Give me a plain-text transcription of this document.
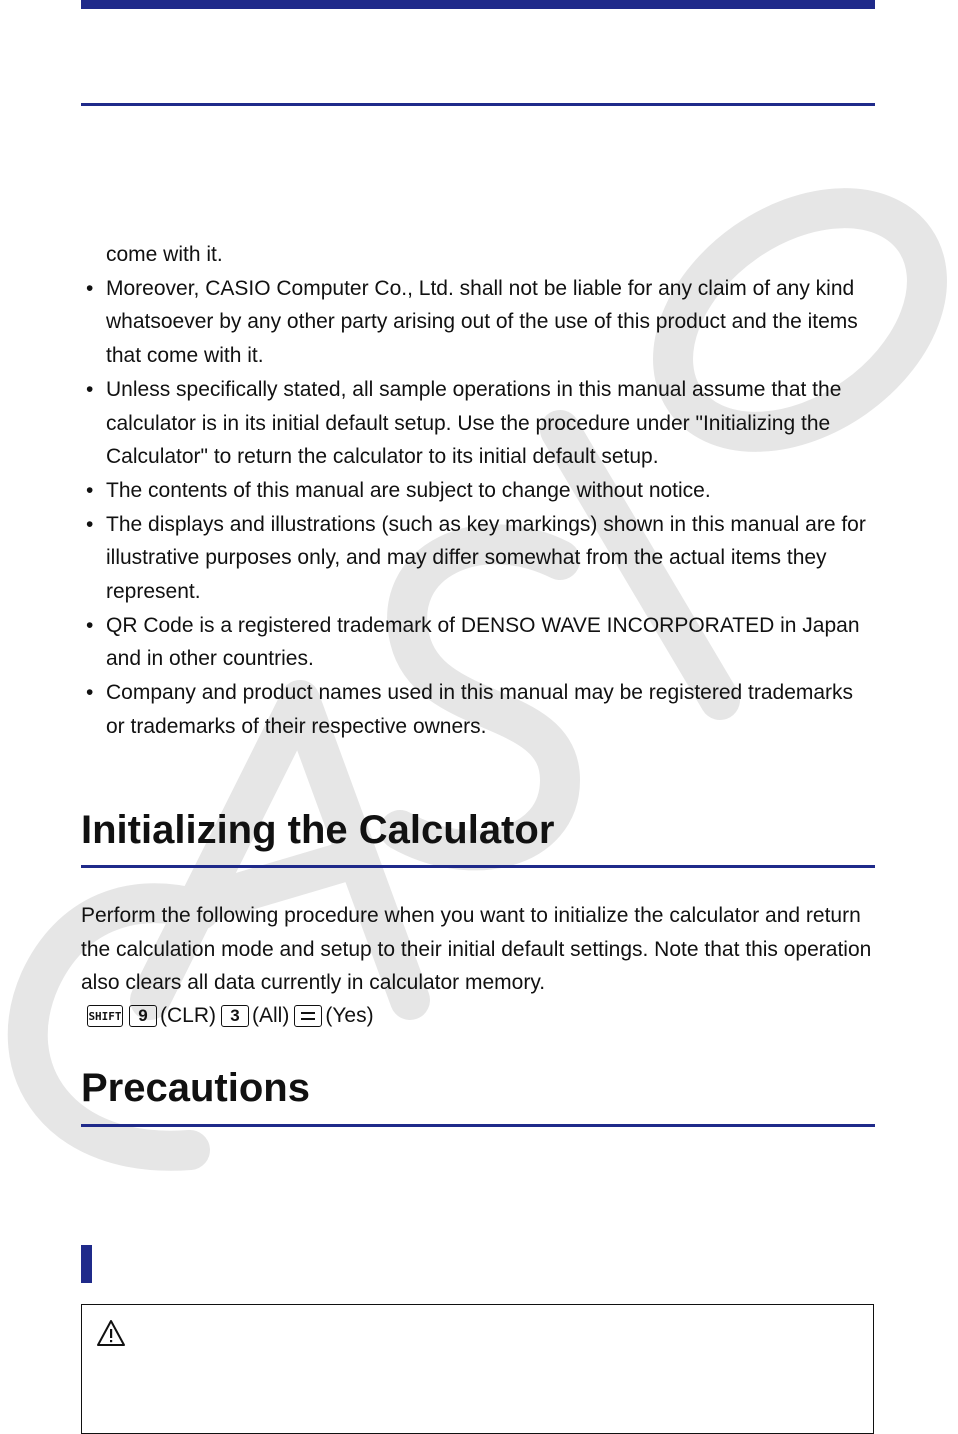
come with it.
• Moreover, CASIO Computer Co., Ltd. shall not be liable for any claim of any kind whatsoever by any other party arising out of the use of this product and the items that come with it.
• Unless specifically stated, all sample operations in this manual assume that the calculator is in its initial default setup. Use the procedure under "Initializing the Calculator" to return the calculator to its initial default setup.
• The contents of this manual are subject to change without notice.
• The displays and illustrations (such as key markings) shown in this manual are for illustrative purposes only, and may differ somewhat from the actual items they represent.
• QR Code is a registered trademark of DENSO WAVE INCORPORATED in Japan and in other countries.
• Company and product names used in this manual may be registered trademarks or trademarks of their respective owners.
Initializing the Calculator

Perform the following procedure when you want to initialize the calculator and return the calculation mode and setup to their initial default settings. Note that this operation also clears all data currently in calculator memory.

SHIFT 9 (CLR) 3 (All) (Yes)
Precautions
